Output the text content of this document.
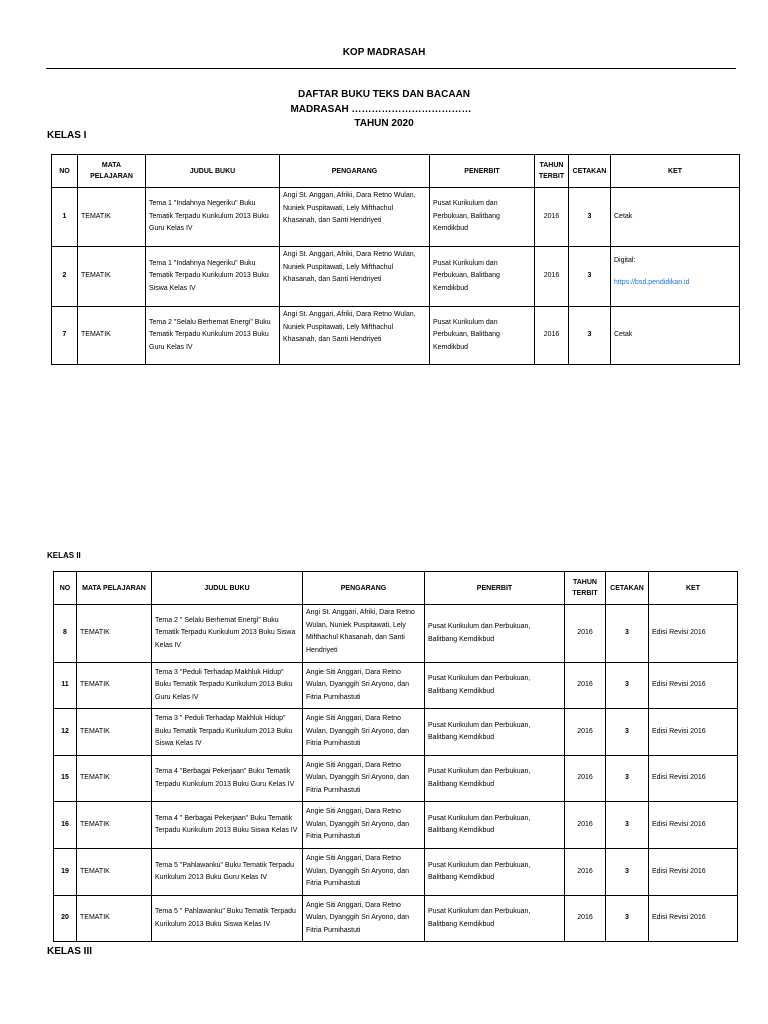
KOP MADRASAH
DAFTAR BUKU TEKS DAN BACAAN
MADRASAH ………………………………
TAHUN 2020
KELAS I
NO	MATA PELAJARAN	JUDUL BUKU	PENGARANG	PENERBIT	TAHUN TERBIT	CETAKAN	KET
1	TEMATIK	Tema 1 "Indahnya Negeriku" Buku Tematik Terpadu Kurikulum 2013 Buku Guru Kelas IV	Angi St. Anggari, Afriki, Dara Retno Wulan, Nuniek Puspitawati, Lely Mifthachul Khasanah, dan Santi Hendriyeti	Pusat Kurikulum dan Perbukuan, Balitbang Kemdikbud	2016	3	Cetak
2	TEMATIK	Tema 1 "Indahnya Negeriku" Buku Tematik Terpadu Kurikulum 2013 Buku Siswa Kelas IV	Angi St. Anggari, Afriki, Dara Retno Wulan, Nuniek Puspitawati, Lely Mifthachul Khasanah, dan Santi Hendriyeti	Pusat Kurikulum dan Perbukuan, Balitbang Kemdikbud	2016	3	Digital:
https://bsd.pendidikan.id

7	TEMATIK	Tema 2 "Selalu Berhemat Energi" Buku Tematik Terpadu Kurikulum 2013 Buku Guru Kelas IV	Angi St. Anggari, Afriki, Dara Retno Wulan, Nuniek Puspitawati, Lely Mifthachul Khasanah, dan Santi Hendriyeti	Pusat Kurikulum dan Perbukuan, Balitbang Kemdikbud	2016	3	Cetak
KELAS II
NO	MATA PELAJARAN	JUDUL BUKU	PENGARANG	PENERBIT	TAHUN TERBIT	CETAKAN	KET
8	TEMATIK	Tema 2 " Selalu Berhemat Energi" Buku Tematik Terpadu Kurikulum 2013 Buku Siswa Kelas IV	Angi St. Anggari, Afriki, Dara Retno Wulan, Nuniek Puspitawati, Lely Mifthachul Khasanah, dan Santi Hendriyeti	Pusat Kurikulum dan Perbukuan, Balitbang Kemdikbud	2016	3	Edisi Revisi 2016
11	TEMATIK	Tema 3 "Peduli Terhadap Makhluk Hidup" Buku Tematik Terpadu Kurikulum 2013 Buku Guru Kelas IV	Angie Siti Anggari, Dara Retno Wulan, Dyanggih Sri Aryono, dan Fitria Purnihastuti	Pusat Kurikulum dan Perbukuan, Balitbang Kemdikbud	2016	3	Edisi Revisi 2016
12	TEMATIK	Tema 3 " Peduli Terhadap Makhluk Hidup" Buku Tematik Terpadu Kurikulum 2013 Buku Siswa Kelas IV	Angie Siti Anggari, Dara Retno Wulan, Dyanggih Sri Aryono, dan Fitria Purnihastuti	Pusat Kurikulum dan Perbukuan, Balitbang Kemdikbud	2016	3	Edisi Revisi 2016
15	TEMATIK	Tema 4 "Berbagai Pekerjaan" Buku Tematik Terpadu Kurikulum 2013 Buku Guru Kelas IV	Angie Siti Anggari, Dara Retno Wulan, Dyanggih Sri Aryono, dan Fitria Purnihastuti	Pusat Kurikulum dan Perbukuan, Balitbang Kemdikbud	2016	3	Edisi Revisi 2016
16	TEMATIK	Tema 4 " Berbagai Pekerjaan" Buku Tematik Terpadu Kurikulum 2013 Buku Siswa Kelas IV	Angie Siti Anggari, Dara Retno Wulan, Dyanggih Sri Aryono, dan Fitria Purnihastuti	Pusat Kurikulum dan Perbukuan, Balitbang Kemdikbud	2016	3	Edisi Revisi 2016
19	TEMATIK	Tema 5 "Pahlawanku" Buku Tematik Terpadu Kurikulum 2013 Buku Guru Kelas IV	Angie Siti Anggari, Dara Retno Wulan, Dyanggih Sri Aryono, dan Fitria Purnihastuti	Pusat Kurikulum dan Perbukuan, Balitbang Kemdikbud	2016	3	Edisi Revisi 2016
20	TEMATIK	Tema 5 " Pahlawanku" Buku Tematik Terpadu Kurikulum 2013 Buku Siswa Kelas IV	Angie Siti Anggari, Dara Retno Wulan, Dyanggih Sri Aryono, dan Fitria Purnihastuti	Pusat Kurikulum dan Perbukuan, Balitbang Kemdikbud	2016	3	Edisi Revisi 2016
KELAS III
